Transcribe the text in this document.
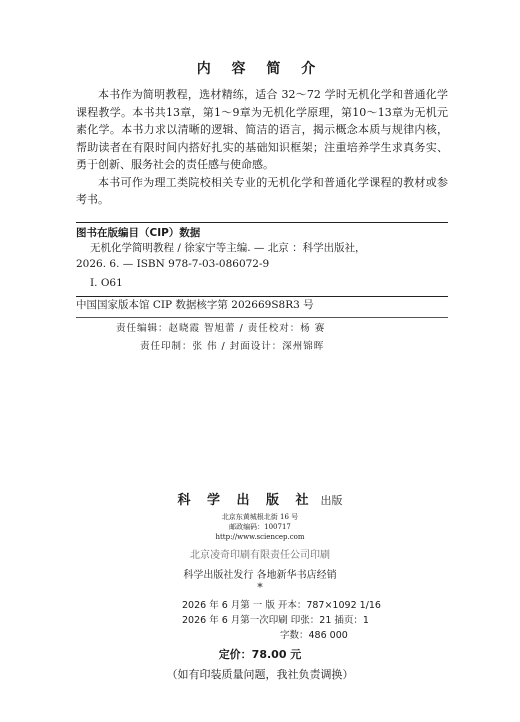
内 容 简 介

本书作为简明教程，选材精练，适合 32～72 学时无机化学和普通化学课程教学。本书共13章，第1～9章为无机化学原理，第10～13章为无机元素化学。本书力求以清晰的逻辑、简洁的语言，揭示概念本质与规律内核，帮助读者在有限时间内搭好扎实的基础知识框架；注重培养学生求真务实、勇于创新、服务社会的责任感与使命感。

本书可作为理工类院校相关专业的无机化学和普通化学课程的教材或参考书。

图书在版编目（CIP）数据
无机化学简明教程 / 徐家宁等主编. — 北京 ：科学出版社，
2026. 6. — ISBN 978-7-03-086072-9
Ⅰ. O61
中国国家版本馆 CIP 数据核字第 202669S8R3 号
责任编辑：赵晓霞 智旭蕾 / 责任校对：杨 赛
责任印制：张 伟 / 封面设计：深州锦晖
科 学 出 版 社 出版
北京东黄城根北街 16 号
邮政编码：100717
http://www.sciencep.com
北京凌奇印刷有限责任公司印刷
科学出版社发行 各地新华书店经销
*
2026 年 6 月第 一 版 开本：787×1092 1/16
2026 年 6 月第一次印刷 印张：21 插页：1
字数：486 000
定价：78.00 元
（如有印装质量问题，我社负责调换）
